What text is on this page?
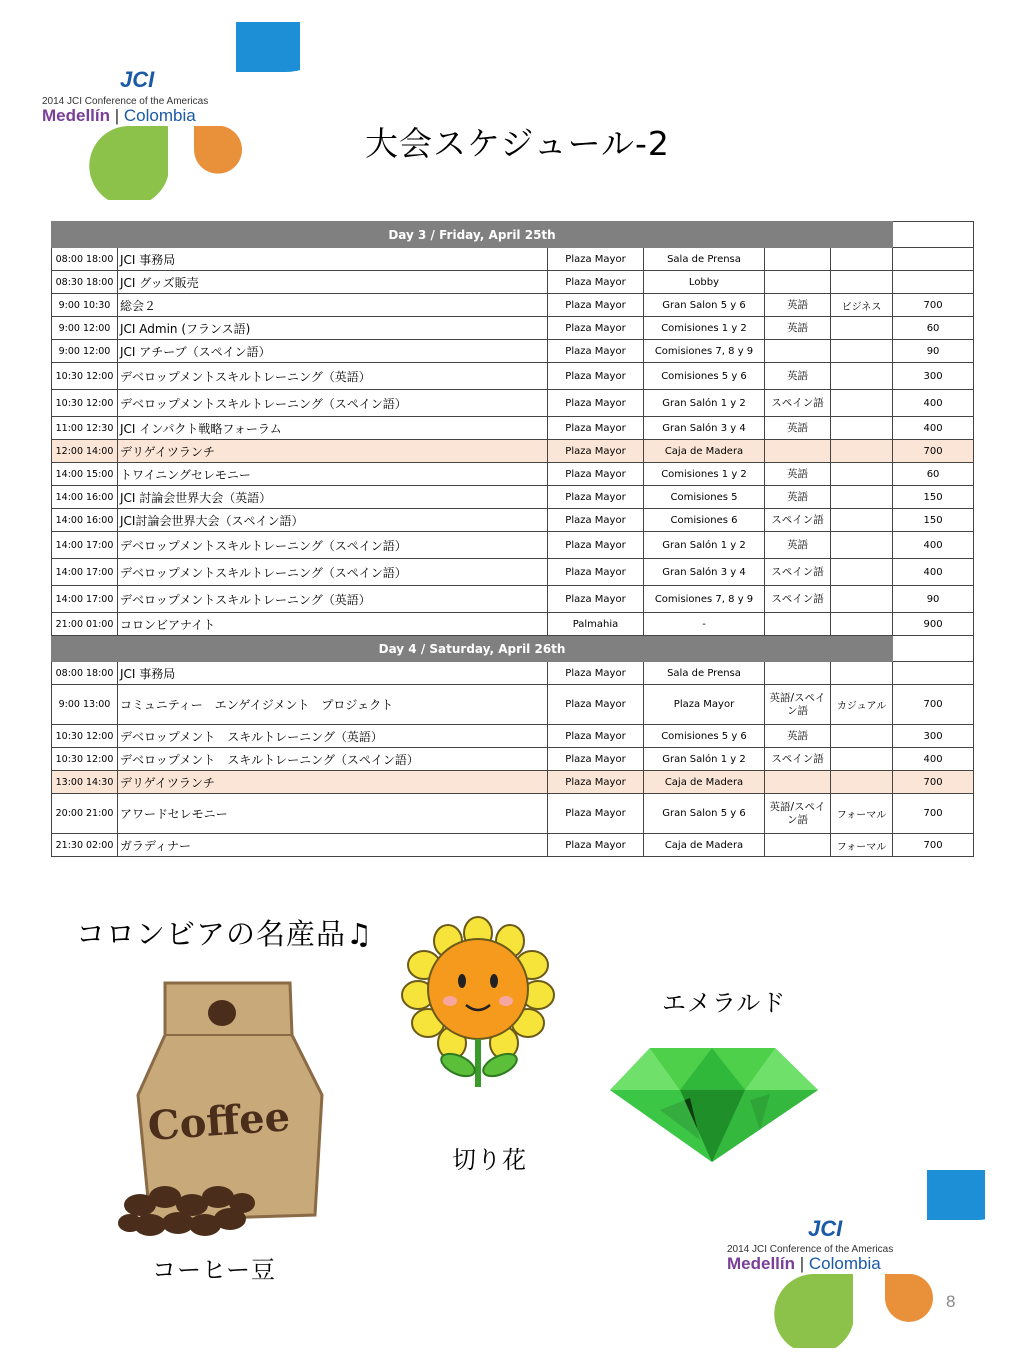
JCI
2014 JCI Conference of the Americas
Medellín | Colombia
大会スケジュール-2
Day 3 / Friday, April 25th						
08:00 18:00	JCI 事務局	Plaza Mayor	Sala de Prensa			
08:30 18:00	JCI グッズ販売	Plaza Mayor	Lobby			
9:00 10:30	総会２	Plaza Mayor	Gran Salon 5 y 6	英語	ビジネス	700
9:00 12:00	JCI Admin (フランス語)	Plaza Mayor	Comisiones 1 y 2	英語		60
9:00 12:00	JCI アチーブ（スペイン語）	Plaza Mayor	Comisiones 7, 8 y 9			90
10:30 12:00	デベロップメントスキルトレーニング（英語）	Plaza Mayor	Comisiones 5 y 6	英語		300
10:30 12:00	デベロップメントスキルトレーニング（スペイン語）	Plaza Mayor	Gran Salón 1 y 2	スペイン語		400
11:00 12:30	JCI インパクト戦略フォーラム	Plaza Mayor	Gran Salón 3 y 4	英語		400
12:00 14:00	デリゲイツランチ	Plaza Mayor	Caja de Madera			700
14:00 15:00	トワイニングセレモニー	Plaza Mayor	Comisiones 1 y 2	英語		60
14:00 16:00	JCI 討論会世界大会（英語）	Plaza Mayor	Comisiones 5	英語		150
14:00 16:00	JCI討論会世界大会（スペイン語）	Plaza Mayor	Comisiones 6	スペイン語		150
14:00 17:00	デベロップメントスキルトレーニング（スペイン語）	Plaza Mayor	Gran Salón 1 y 2	英語		400
14:00 17:00	デベロップメントスキルトレーニング（スペイン語）	Plaza Mayor	Gran Salón 3 y 4	スペイン語		400
14:00 17:00	デベロップメントスキルトレーニング（英語）	Plaza Mayor	Comisiones 7, 8 y 9	スペイン語		90
21:00 01:00	コロンビアナイト	Palmahia	-			900
Day 4 / Saturday, April 26th						
08:00 18:00	JCI 事務局	Plaza Mayor	Sala de Prensa			
9:00 13:00	コミュニティー　エンゲイジメント　プロジェクト	Plaza Mayor	Plaza Mayor	英語/スペイン語	カジュアル	700
10:30 12:00	デベロップメント　スキルトレーニング（英語）	Plaza Mayor	Comisiones 5 y 6	英語		300
10:30 12:00	デベロップメント　スキルトレーニング（スペイン語）	Plaza Mayor	Gran Salón 1 y 2	スペイン語		400
13:00 14:30	デリゲイツランチ	Plaza Mayor	Caja de Madera			700
20:00 21:00	アワードセレモニー	Plaza Mayor	Gran Salon 5 y 6	英語/スペイン語	フォーマル	700
21:30 02:00	ガラディナー	Plaza Mayor	Caja de Madera		フォーマル	700
コロンビアの名産品♫
Coffee
切り花
エメラルド
コーヒー豆
JCI
2014 JCI Conference of the Americas
Medellín | Colombia
8
